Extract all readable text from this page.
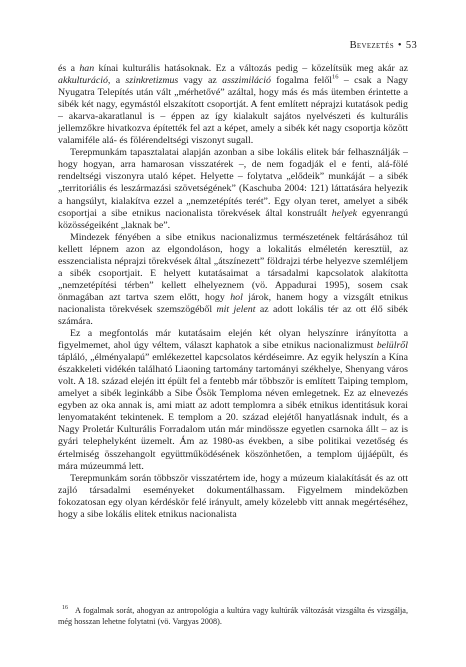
Bevezetés • 53

és a han kínai kulturális hatásoknak. Ez a változás pedig – közelítsük meg akár az akkulturáció, a szinkretizmus vagy az asszimiláció fogalma felől$^{16}$ – csak a Nagy Nyugatra Telepítés után vált „mérhetővé” azáltal, hogy más és más ütemben érintette a sibék két nagy, egymástól elszakított csoportját. A fent említett néprajzi kutatások pedig – akarva-akaratlanul is – éppen az így kialakult sajátos nyelvészeti és kulturális jellemzőkre hivatkozva építették fel azt a képet, amely a sibék két nagy csoportja között valamiféle alá- és fölérendeltségi viszonyt sugall.

Terepmunkám tapasztalatai alapján azonban a sibe lokális elitek bár felhasználják – hogy hogyan, arra hamarosan visszatérek –, de nem fogadják el e fenti, alá-fölé rendeltségi viszonyra utaló képet. Helyette – folytatva „elődeik” munkáját – a sibék „territoriális és leszármazási szövetségének” (Kaschuba 2004: 121) láttatására helyezik a hangsúlyt, kialakítva ezzel a „nemzetépítés terét”. Egy olyan teret, amelyet a sibék csoportjai a sibe etnikus nacionalista törekvések által konstruált helyek egyenrangú közösségeiként „laknak be”.

Mindezek fényében a sibe etnikus nacionalizmus természetének feltárásához túl kellett lépnem azon az elgondoláson, hogy a lokalitás elméletén keresztül, az esszencialista néprajzi törekvések által „átszínezett” földrajzi térbe helyezve szemléljem a sibék csoportjait. E helyett kutatásaimat a társadalmi kapcsolatok alakította „nemzetépítési térben” kellett elhelyeznem (vö. Appadurai 1995), sosem csak önmagában azt tartva szem előtt, hogy hol járok, hanem hogy a vizsgált etnikus nacionalista törekvések szemszögéből mit jelent az adott lokális tér az ott élő sibék számára.

Ez a megfontolás már kutatásaim elején két olyan helyszínre irányította a figyelmemet, ahol úgy véltem, választ kaphatok a sibe etnikus nacionalizmust belülről tápláló, „élményalapú” emlékezettel kapcsolatos kérdéseimre. Az egyik helyszín a Kína északkeleti vidékén található Liaoning tartomány tartományi székhelye, Shenyang város volt. A 18. század elején itt épült fel a fentebb már többször is említett Taiping templom, amelyet a sibék leginkább a Sibe Ősök Temploma néven emlegetnek. Ez az elnevezés egyben az oka annak is, ami miatt az adott templomra a sibék etnikus identitásuk korai lenyomataként tekintenek. E templom a 20. század elejétől hanyatlásnak indult, és a Nagy Proletár Kulturális Forradalom után már mindössze egyetlen csarnoka állt – az is gyári telephelyként üzemelt. Ám az 1980-as években, a sibe politikai vezetőség és értelmiség összehangolt együttműködésének köszönhetően, a templom újjáépült, és mára múzeummá lett.

Terepmunkám során többször visszatértem ide, hogy a múzeum kialakítását és az ott zajló társadalmi eseményeket dokumentálhassam. Figyelmem mindeközben fokozatosan egy olyan kérdéskör felé irányult, amely közelebb vitt annak megértéséhez, hogy a sibe lokális elitek etnikus nacionalista

$^{16}$ A fogalmak sorát, ahogyan az antropológia a kultúra vagy kultúrák változását vizsgálta és vizsgálja, még hosszan lehetne folytatni (vö. Vargyas 2008).
